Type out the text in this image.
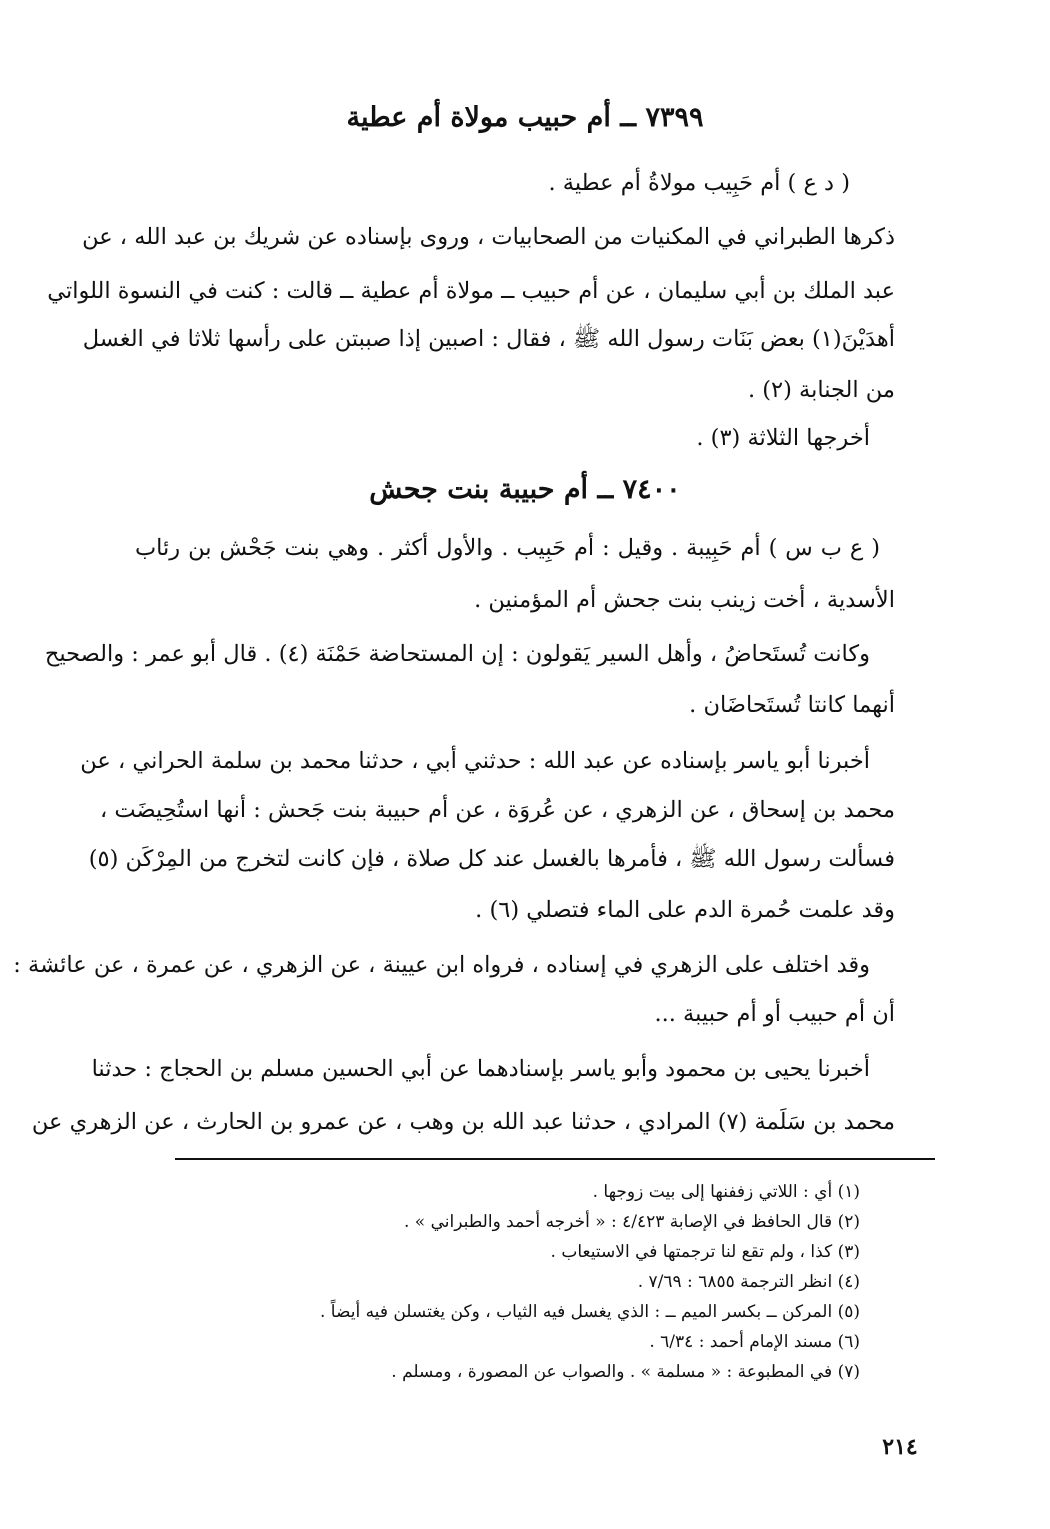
٧٣٩٩ ــ أم حبيب مولاة أم عطية
( د ع ) أم حَبِيب مولاةُ أم عطية .
ذكرها الطبراني في المكنيات من الصحابيات ، وروى بإسناده عن شريك بن عبد الله ، عن
عبد الملك بن أبي سليمان ، عن أم حبيب ــ مولاة أم عطية ــ قالت : كنت في النسوة اللواتي
أهدَيْنَ(١) بعض بَنَات رسول الله ﷺ ، فقال : اصبين إذا صببتن على رأسها ثلاثا في الغسل
من الجنابة (٢) .
أخرجها الثلاثة (٣) .
٧٤٠٠ ــ أم حبيبة بنت جحش
( ع ب س ) أم حَبِيبة . وقيل : أم حَبِيب . والأول أكثر . وهي بنت جَحْش بن رئاب
الأسدية ، أخت زينب بنت جحش أم المؤمنين .
وكانت تُستَحاضُ ، وأهل السير يَقولون : إن المستحاضة حَمْنَة (٤) . قال أبو عمر : والصحيح
أنهما كانتا تُستَحاضَان .
أخبرنا أبو ياسر بإسناده عن عبد الله : حدثني أبي ، حدثنا محمد بن سلمة الحراني ، عن
محمد بن إسحاق ، عن الزهري ، عن عُروَة ، عن أم حبيبة بنت جَحش : أنها استُحِيضَت ،
فسألت رسول الله ﷺ ، فأمرها بالغسل عند كل صلاة ، فإن كانت لتخرج من المِرْكَن (٥)
وقد علمت حُمرة الدم على الماء فتصلي (٦) .
وقد اختلف على الزهري في إسناده ، فرواه ابن عيينة ، عن الزهري ، عن عمرة ، عن عائشة :
أن أم حبيب أو أم حبيبة ...
أخبرنا يحيى بن محمود وأبو ياسر بإسنادهما عن أبي الحسين مسلم بن الحجاج : حدثنا
محمد بن سَلَمة (٧) المرادي ، حدثنا عبد الله بن وهب ، عن عمرو بن الحارث ، عن الزهري عن
(١) أي : اللاتي زففنها إلى بيت زوجها .
(٢) قال الحافظ في الإصابة ٤/٤٢٣ : « أخرجه أحمد والطبراني » .
(٣) كذا ، ولم تقع لنا ترجمتها في الاستيعاب .
(٤) انظر الترجمة ٦٨٥٥ : ٧/٦٩ .
(٥) المركن ــ بكسر الميم ــ : الذي يغسل فيه الثياب ، وكن يغتسلن فيه أيضاً .
(٦) مسند الإمام أحمد : ٦/٣٤ .
(٧) في المطبوعة : « مسلمة » . والصواب عن المصورة ، ومسلم .
٢١٤
